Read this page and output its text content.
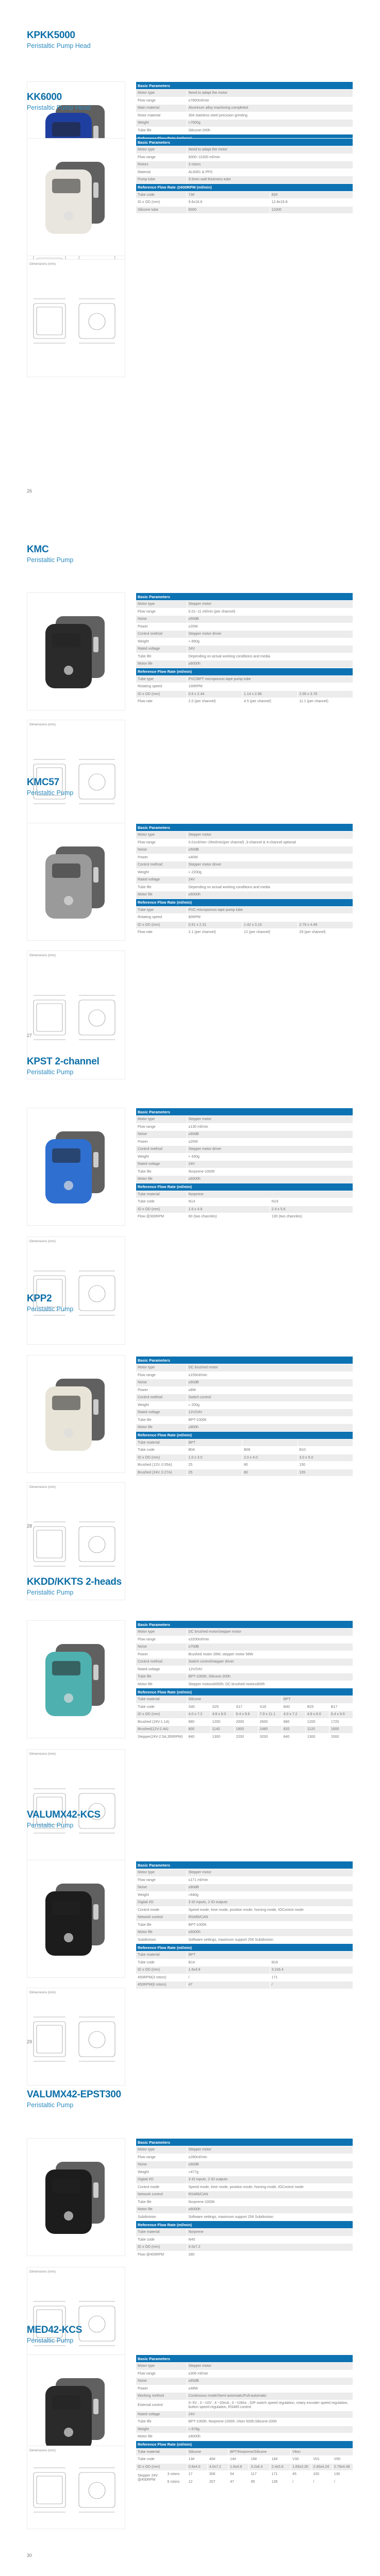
KPKK5000
Peristaltic Pump Head
Basic Parameters										
Motor type	Need to adapt the motor									
Flow range	≤7800ml/min									
Main material	Aluminum alloy machining completed									
Rotor material	304 stainless steel precision grinding									
Weight	≈7600g									
Tube life	Silicone-200h									

KK6000
Peristaltic Pump Head
Dimensions (mm)
Basic Parameters		
Motor type	Need to adapt the motor	
Flow range	6000~11000 ml/min	
Rotors	3 rotors	
Material	AL6061 & PPS	
Pump tube	3.5mm wall thickness tube	
Reference Flow Rate @600RPM (ml/min)		
Tube code	73#	82#
ID x OD (mm)	9.6x16.6	12.8x19.8
Silicone tube	6000	11000
KMC
Peristaltic Pump
Dimensions (mm)
Basic Parameters			
Motor type	Stepper motor		
Flow range	0.01~11 ml/min (per channel)		
Noise	≤50dB		
Power	≤20W		
Control method	Stepper motor driver		
Weight	≈ 890g		
Rated voltage	24V		
Tube life	Depending on actual working conditions and media		
Motor life	≥6000h		
Reference Flow Rate (ml/min)			
Tube type	PVC/BPT microporous tape pump tube		
Rotating speed	100RPM		
ID x OD (mm)	0.6 x 2.44	1.14 x 2.86	2.06 x 3.78
Flow rate	2.0 (per channel)	4.5 (per channel)	11.1 (per channel)
KMC57
Peristaltic Pump
Dimensions (mm)
Basic Parameters			
Motor type	Stepper motor		
Flow range	0.01ml/min~29ml/min(per channel) ,3-channel & 4-channel optional		
Noise	≤50dB		
Power	≤40W		
Control method	Stepper motor driver		
Weight	≈ 2200g		
Rated voltage	24V		
Tube life	Depending on actual working conditions and media		
Motor life	≥6000h		
Reference Flow Rate (ml/min)			
Tube type	PVC microporous tape pump tube		
Rotating speed	80RPM		
ID x OD (mm)	0.51 x 2.31	1.42 x 3.10	2.79 x 4.49
Flow rate	2.1 (per channel)	12 (per channel)	29 (per channel)
KPST 2-channel
Peristaltic Pump
Dimensions (mm)
Basic Parameters		
Motor type	Stepper motor	
Flow range	≤130 ml/min	
Noise	≤60dB	
Power	≤20W	
Control method	Stepper motor driver	
Weight	≈ 430g	
Rated voltage	24V	
Tube life	Norprene-1000h	
Motor life	≥6000h	
Reference Flow Rate (ml/min)		
Tube material	Norprene	
Tube code	N14	N19
ID x OD (mm)	1.6 x 4.8	2.4 x 5.6
Flow @300RPM	60 (two channles)	130 (two channles)
KPP2
Peristaltic Pump
Dimensions (mm)
Basic Parameters			
Motor type	DC brushed motor		
Flow range	≤155ml/min		
Noise	≤60dB		
Power	≤8W		
Control method	Switch control		
Weight	≈ 200g		
Rated voltage	12V/24V		
Tube life	BPT-1000h		
Motor life	≥800h		
Reference Flow Rate (ml/min)			
Tube material	BPT		
Tube code	B04	B06	B10
ID x OD (mm)	1.0 x 3.0	2.0 x 4.0	3.0 x 5.0
Brushed (12V, 0.55A)	25	80	150
Brushed (24V, 0.27A)	25	80	155
KKDD/KKTS 2-heads
Peristaltic Pump
Dimensions (mm)
Basic Parameters							
Motor type	DC brushed motor/stepper motor						
Flow range	≤3200ml/min						
Noise	≤70dB						
Power	Brushed motor 28W, stepper motor 58W						
Control method	Switch control/stepper driver						
Rated voltage	12V/24V						
Tube life	BPT-1000h; Silicone-200h						
Motor life	Stepper motor≥6000h; DC brushed motor≥800h						
Reference Flow Rate (ml/min)							
Tube material	Silicone				BPT		
Tube code	S40	S25	S17	S18	B40	B25	B17
ID x OD (mm)	4.0 x 7.2	4.8 x 8.0	6.4 x 9.6	7.9 x 11.1	4.0 x 7.2	4.8 x 8.0	6.4 x 9.6
Brushed (24V-1.1A)	880	1200	2000	2600	880	1200	1720
Brushed(12V-2.4A)	800	1140	1800	2480	820	1120	1600
Stepper(24V-2.5A,350RPM)	840	1300	2200	3200	840	1300	2000
VALUMX42-KCS
Peristaltic Pump
Dimensions (mm)
Basic Parameters		
Motor type	Stepper motor	
Flow range	≤171 ml/min	
Noise	≤60dB	
Weight	≈640g	
Digital I/O	3 IO inputs, 2 IO outputs	
Control mode	Speed mode, time mode, position mode, homing mode, IOControl mode	
Network control	RS485/CAN	
Tube life	BPT-1000h	
Motor life	≥6000h	
Subdivision	Software settings, maximum support 256 Subdivision	
Reference Flow Rate (ml/min)		
Tube material	BPT	
Tube code	B14	B16
ID x OD (mm)	1.6x4.8	3.2x6.4
450RPM(3 rotors)	/	171
450RPM(6 rotors)	47	/
VALUMX42-EPST300
Peristaltic Pump
Dimensions (mm)
Basic Parameters	
Motor type	Stepper motor
Flow range	≤280ml/min
Noise	≤60dB
Weight	≈477g
Digital I/O	3 IO inputs, 2 IO outputs
Control mode	Speed mode, time mode, position mode, homing mode, IOControl mode
Network control	RS485/CAN
Tube life	Norprene-1000h
Motor life	≥6000h
Subdivision	Software settings, maximum support 256 Subdivision
Reference Flow Rate (ml/min)	
Tube material	Norprene
Tube code	N40
ID x OD (mm)	4.0x7.2
Flow @400RPM	280
MED42-KCS
Peristaltic Pump
Dimensions (mm)
Basic Parameters									
Motor type		Stepper motor							
Flow range		≤306 ml/min							
Noise		≤65dB							
Power		≤48W							
Working method		Continuous mode/Semi-automatic/Full-automatic							
External control		0~5V , 0 ~10V , 4 ~20mA , 0 ~10khz , DIP switch speed regulation, rotary encoder speed regulation, button speed regulation, RS485 control							
Rated voltage		24V							
Tube life		BPT-1000h; Norprene-1000h ;Viton 500h;Silicone-200h							
Weight		≈ 878g							
Motor life		≥6000h							
Reference Flow Rate (ml/min)									
Tube material		Silicone		BPT/Norprene/Silicone			Viton		
Tube code		13#	40#	14#	19#	16#	V30	V01	V00
ID x OD (mm)		0.8x4.0	4.0x7.2	1.6x4.8	3.2x6.4	2.4x5.6	1.65x3.35	2.45x4.24	2.79x4.49
Stepper 24V @450RPM	3 rotors	17	306	54	117	171	45	100	130
	6 rotors	12	207	47	95	135	/	/	/
26
27
28
29
30
